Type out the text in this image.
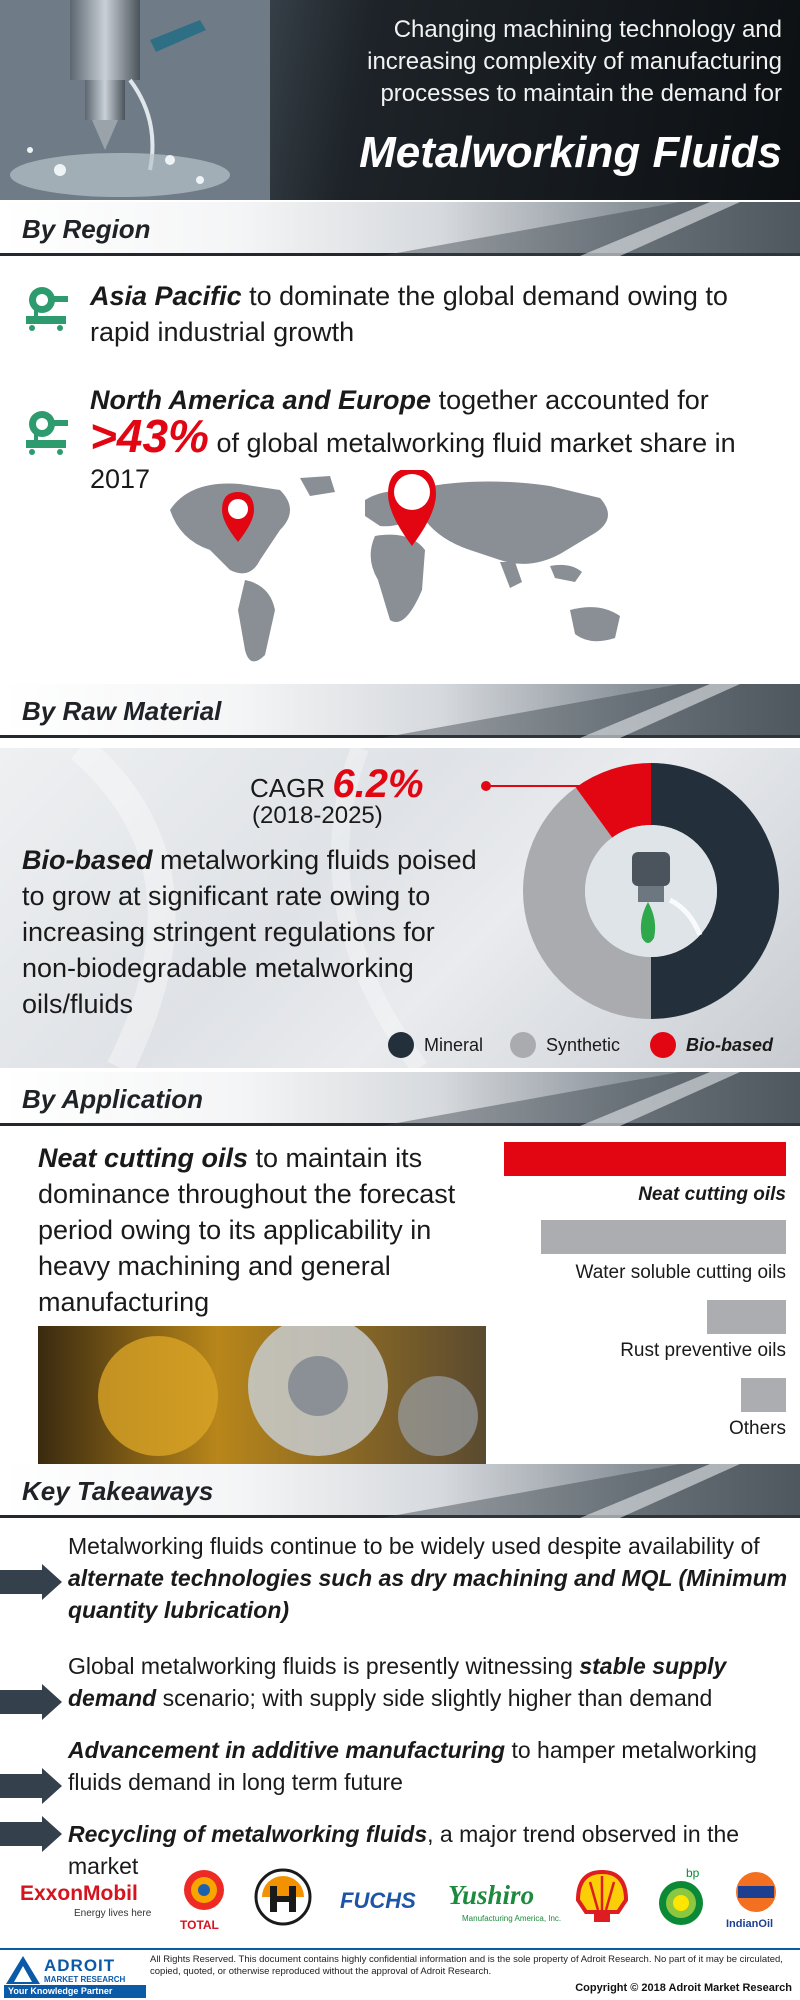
Changing machining technology and
increasing complexity of manufacturing
processes to maintain the demand for
Metalworking Fluids
By Region
Asia Pacific to dominate the global demand owing to rapid industrial growth
North America and Europe together accounted for
>43% of global metalworking fluid market share in 2017
By Raw Material
CAGR 6.2%
(2018-2025)
Bio-based metalworking fluids poised to grow at significant rate owing to increasing stringent regulations for non-biodegradable metalworking oils/fluids
Mineral	Synthetic	Bio-based
By Application
Neat cutting oils to maintain its dominance throughout the forecast period owing to its applicability in heavy machining and general manufacturing
Neat cutting oils
Water soluble cutting oils
Rust preventive oils
Others
Key Takeaways
Metalworking fluids continue to be widely used despite availability of alternate technologies such as dry machining and MQL (Minimum quantity lubrication)
Global metalworking fluids is presently witnessing stable supply demand scenario; with supply side slightly higher than demand
Advancement in additive manufacturing to hamper metalworking fluids demand in long term future
Recycling of metalworking fluids, a major trend observed in the market
ExxonMobil
Energy lives here
TOTAL
FUCHS Yushiro
Manufacturing America, Inc.
bp
IndianOil
ADROIT
MARKET RESEARCH
Your Knowledge Partner
All Rights Reserved. This document contains highly confidential information and is the sole property of Adroit Research. No part of it may be circulated, copied, quoted, or otherwise reproduced without the approval of Adroit Research.
Copyright © 2018 Adroit Market Research
